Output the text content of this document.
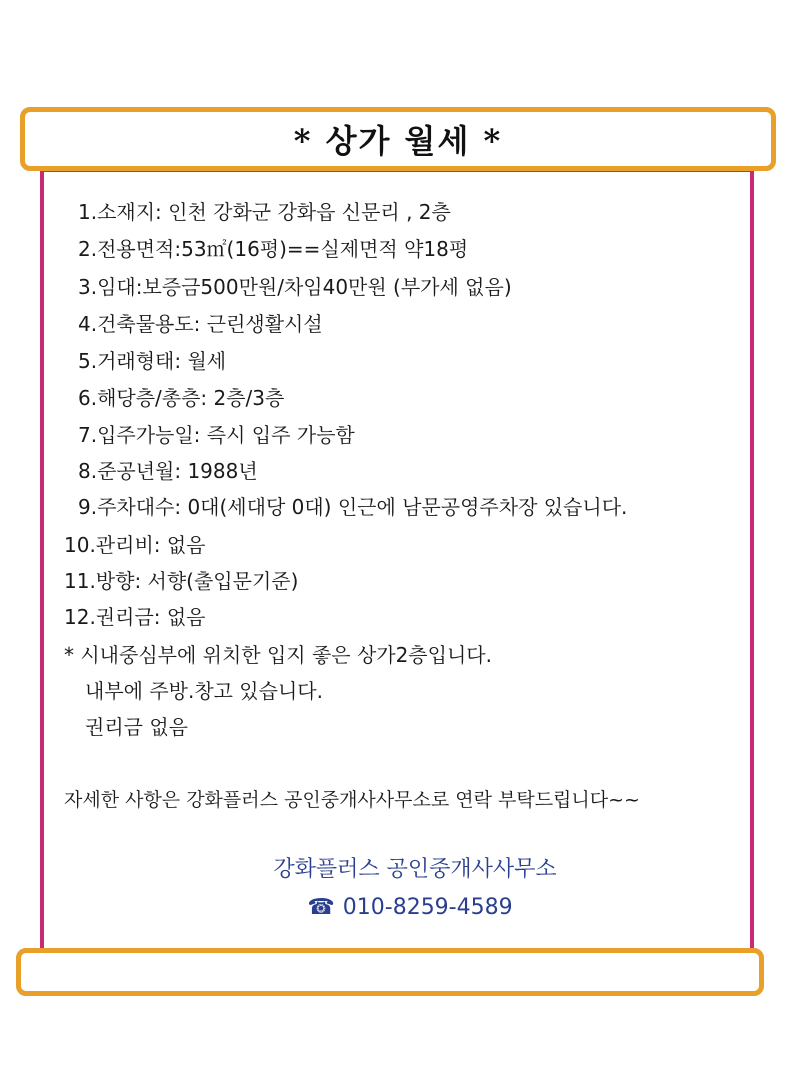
* 상가 월세 *
1.소재지: 인천 강화군 강화읍 신문리 , 2층
2.전용면적:53㎡(16평)==실제면적 약18평
3.임대:보증금500만원/차임40만원 (부가세 없음)
4.건축물용도: 근린생활시설
5.거래형태: 월세
6.해당층/총층: 2층/3층
7.입주가능일: 즉시 입주 가능함
8.준공년월: 1988년
9.주차대수: 0대(세대당 0대) 인근에 남문공영주차장 있습니다.
10.관리비: 없음
11.방향: 서향(출입문기준)
12.권리금: 없음
* 시내중심부에 위치한 입지 좋은 상가2층입니다.
내부에 주방.창고 있습니다.
권리금 없음
자세한 사항은 강화플러스 공인중개사사무소로 연락 부탁드립니다~~
강화플러스 공인중개사사무소
☎ 010-8259-4589
